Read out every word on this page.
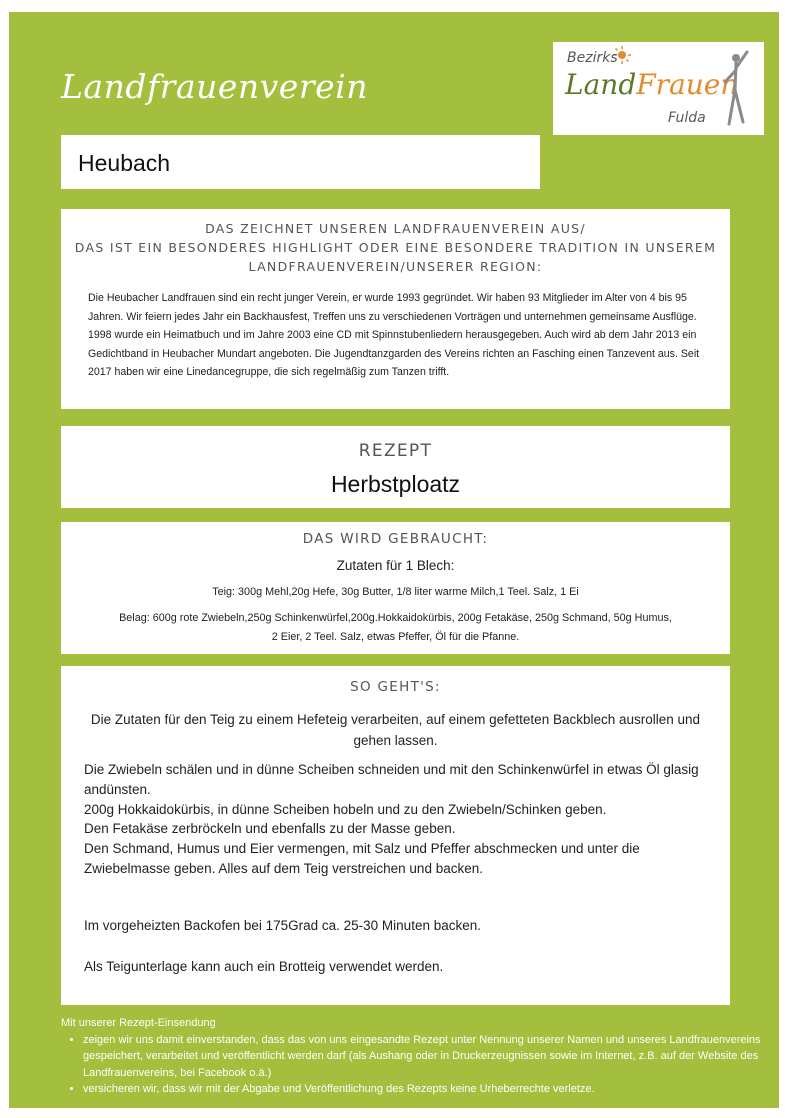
Landfrauenverein
Bezirks
LandFrauen
Fulda
Heubach
DAS ZEICHNET UNSEREN LANDFRAUENVEREIN AUS/
DAS IST EIN BESONDERES HIGHLIGHT ODER EINE BESONDERE TRADITION IN UNSEREM LANDFRAUENVEREIN/UNSERER REGION:
Die Heubacher Landfrauen sind ein recht junger Verein, er wurde 1993 gegründet. Wir haben 93 Mitglieder im Alter von 4 bis 95 Jahren. Wir feiern jedes Jahr ein Backhausfest, Treffen uns zu verschiedenen Vorträgen und unternehmen gemeinsame Ausflüge. 1998 wurde ein Heimatbuch und im Jahre 2003 eine CD mit Spinnstubenliedern herausgegeben. Auch wird ab dem Jahr 2013 ein Gedichtband in Heubacher Mundart angeboten. Die Jugendtanzgarden des Vereins richten an Fasching einen Tanzevent aus. Seit 2017 haben wir eine Linedancegruppe, die sich regelmäßig zum Tanzen trifft.
REZEPT
Herbstploatz
DAS WIRD GEBRAUCHT:
Zutaten für 1 Blech:
Teig: 300g Mehl,20g Hefe, 30g Butter, 1/8 liter warme Milch,1 Teel. Salz, 1 Ei
Belag: 600g rote Zwiebeln,250g Schinkenwürfel,200g.Hokkaidokürbis, 200g Fetakäse, 250g Schmand, 50g Humus,
2 Eier, 2 Teel. Salz, etwas Pfeffer, Öl für die Pfanne.
SO GEHT'S:
Die Zutaten für den Teig zu einem Hefeteig verarbeiten, auf einem gefetteten Backblech ausrollen und gehen lassen.
Die Zwiebeln schälen und in dünne Scheiben schneiden und mit den Schinkenwürfel in etwas Öl glasig andünsten.
200g Hokkaidokürbis, in dünne Scheiben hobeln und zu den Zwiebeln/Schinken geben.
Den Fetakäse zerbröckeln und ebenfalls zu der Masse geben.
Den Schmand, Humus und Eier vermengen, mit Salz und Pfeffer abschmecken und unter die Zwiebelmasse geben. Alles auf dem Teig verstreichen und backen.
Im vorgeheizten Backofen bei 175Grad ca. 25-30 Minuten backen.
Als Teigunterlage kann auch ein Brotteig verwendet werden.
Mit unserer Rezept-Einsendung
• zeigen wir uns damit einverstanden, dass das von uns eingesandte Rezept unter Nennung unserer Namen und unseres Landfrauenvereins gespeichert, verarbeitet und veröffentlicht werden darf (als Aushang oder in Druckerzeugnissen sowie im Internet, z.B. auf der Website des Landfrauenvereins, bei Facebook o.ä.)
• versicheren wir, dass wir mit der Abgabe und Veröffentlichung des Rezepts keine Urheberrechte verletze.
